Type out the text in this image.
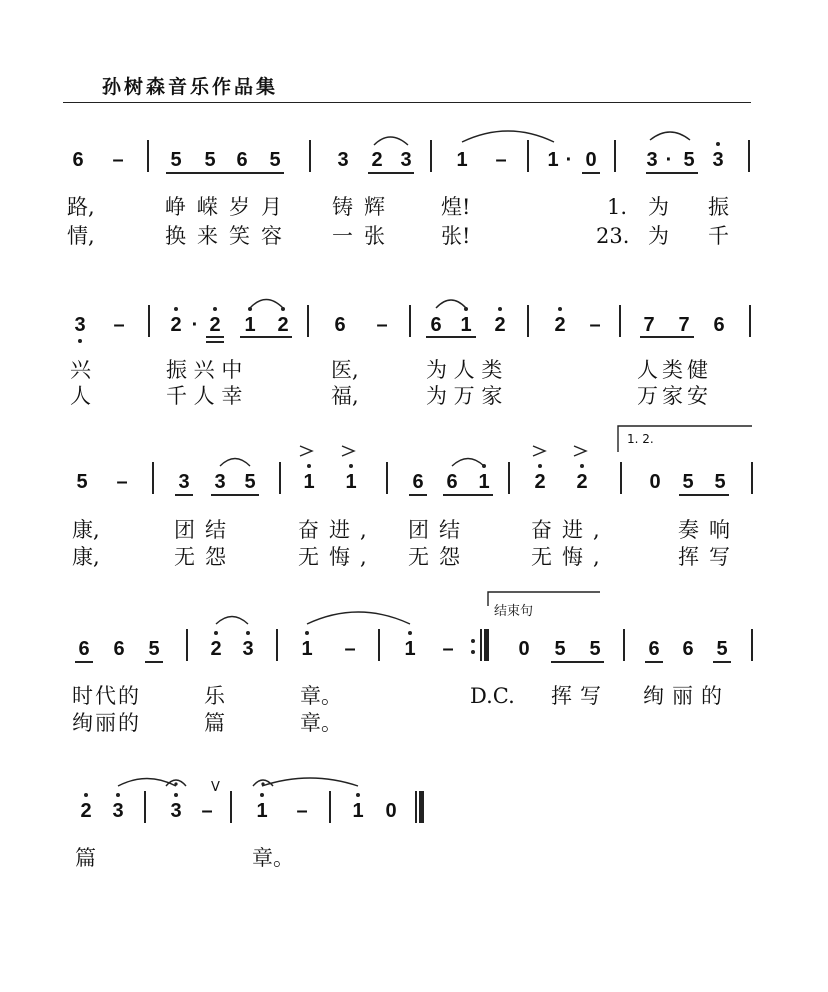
孙树森音乐作品集
6 – 5 5 6 5	3 2 3 1 – 1 · 0 3 · 5 3
路,	峥嵘岁月 铸辉 煌!	1. 为 振
情,	换来笑容 一张 张!	23. 为 千
3 – 2 · 2 1 2 6 – 6 1 2 2 – 7 7 6
兴	振 兴 中	医,	为 人 类	人类健
人	千 人 幸	福,	为 万 家	万家安
1. 2.
5 –	3 3 5 1 1	6 6 1 2 2	0 5 5
康,	团结	奋进, 团结	奋进,	奏响
康,	无怨	无悔, 无怨	无悔,	挥写
结束句
6 6 5	2 3 1 – 1 –	0 5 5 6 6 5
时代的	乐	章。	D.C. 挥写 绚丽的
绚丽的	篇	章。
V
2 3 3 – 1 – 1 0
篇	章。
